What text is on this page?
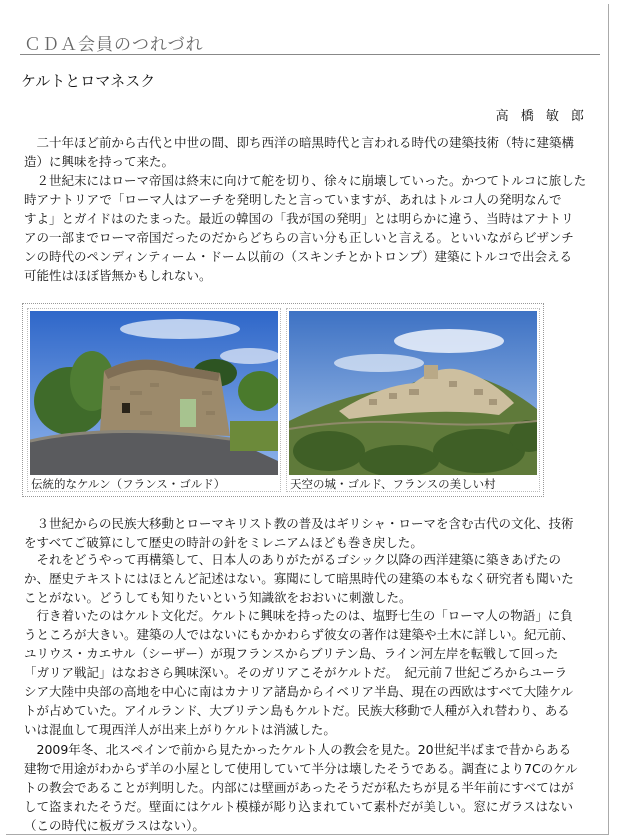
ＣＤＡ会員のつれづれ
ケルトとロマネスク
高 橋 敏 郎

二十年ほど前から古代と中世の間、即ち西洋の暗黒時代と言われる時代の建築技術（特に建築構
造）に興味を持って来た。

２世紀末にはローマ帝国は終末に向けて舵を切り、徐々に崩壊していった。かつてトルコに旅した
時アナトリアで「ローマ人はアーチを発明したと言っていますが、あれはトルコ人の発明なんで
すよ」とガイドはのたまった。最近の韓国の「我が国の発明」とは明らかに違う、当時はアナトリ
アの一部までローマ帝国だったのだからどちらの言い分も正しいと言える。といいながらビザンチ
ンの時代のペンディンティーム・ドーム以前の（スキンチとかトロンプ）建築にトルコで出会える
可能性はほぼ皆無かもしれない。

伝統的なケルン（フランス・ゴルド）	天空の城・ゴルド、フランスの美しい村

３世紀からの民族大移動とローマキリスト教の普及はギリシャ・ローマを含む古代の文化、技術
をすべてご破算にして歴史の時計の針をミレニアムほども巻き戻した。

それをどうやって再構築して、日本人のありがたがるゴシック以降の西洋建築に築きあげたの
か、歴史テキストにはほとんど記述はない。寡聞にして暗黒時代の建築の本もなく研究者も聞いた
ことがない。どうしても知りたいという知識欲をおおいに刺激した。

行き着いたのはケルト文化だ。ケルトに興味を持ったのは、塩野七生の「ローマ人の物語」に負
うところが大きい。建築の人ではないにもかかわらず彼女の著作は建築や土木に詳しい。紀元前、
ユリウス・カエサル（シーザー）が現フランスからブリテン島、ライン河左岸を転戦して回った
「ガリア戦記」はなおさら興味深い。そのガリアこそがケルトだ。　紀元前７世紀ごろからユーラ
シア大陸中央部の高地を中心に南はカナリア諸島からイベリア半島、現在の西欧はすべて大陸ケル
トが占めていた。アイルランド、大ブリテン島もケルトだ。民族大移動で人種が入れ替わり、ある
いは混血して現西洋人が出来上がりケルトは消滅した。

2009年冬、北スペインで前から見たかったケルト人の教会を見た。20世紀半ばまで昔からある
建物で用途がわからず羊の小屋として使用していて半分は壊したそうである。調査により7Cのケル
トの教会であることが判明した。内部には壁画があったそうだが私たちが見る半年前にすべてはが
して盗まれたそうだ。壁面にはケルト模様が彫り込まれていて素朴だが美しい。窓にガラスはない
（この時代に板ガラスはない）。
